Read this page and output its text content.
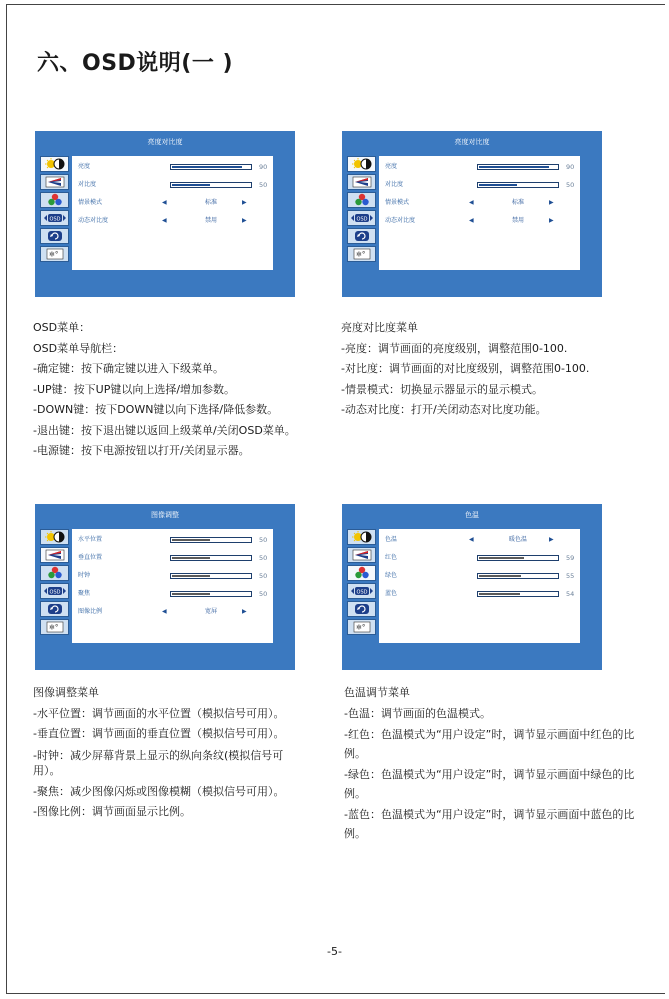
六、OSD说明(一 )
亮度对比度
OSD
✲°
亮度	90
对比度	50
情景模式	◀	标准	▶
动态对比度	◀	禁用	▶
亮度对比度
OSD
✲°
亮度	90
对比度	50
情景模式	◀	标准	▶
动态对比度	◀	禁用	▶
图像调整
OSD
✲°
水平位置	50
垂直位置	50
时钟	50
聚焦	50
图像比例	◀	宽屏	▶
色温
OSD
✲°
色温	◀	暖色温	▶
红色	59
绿色	55
蓝色	54
OSD菜单：
OSD菜单导航栏：
-确定键：按下确定键以进入下级菜单。
-UP键：按下UP键以向上选择/增加参数。
-DOWN键：按下DOWN键以向下选择/降低参数。
-退出键：按下退出键以返回上级菜单/关闭OSD菜单。
-电源键：按下电源按钮以打开/关闭显示器。
亮度对比度菜单
-亮度：调节画面的亮度级别，调整范围0-100.
-对比度：调节画面的对比度级别，调整范围0-100.
-情景模式：切换显示器显示的显示模式。
-动态对比度：打开/关闭动态对比度功能。
图像调整菜单
-水平位置：调节画面的水平位置（模拟信号可用）。
-垂直位置：调节画面的垂直位置（模拟信号可用）。
-时钟：减少屏幕背景上显示的纵向条纹(模拟信号可用）。
-聚焦：减少图像闪烁或图像模糊（模拟信号可用）。
-图像比例：调节画面显示比例。
色温调节菜单
-色温：调节画面的色温模式。
-红色：色温模式为“用户设定”时，调节显示画面中红色的比例。
-绿色：色温模式为“用户设定”时，调节显示画面中绿色的比例。
-蓝色：色温模式为“用户设定”时，调节显示画面中蓝色的比例。
-5-
